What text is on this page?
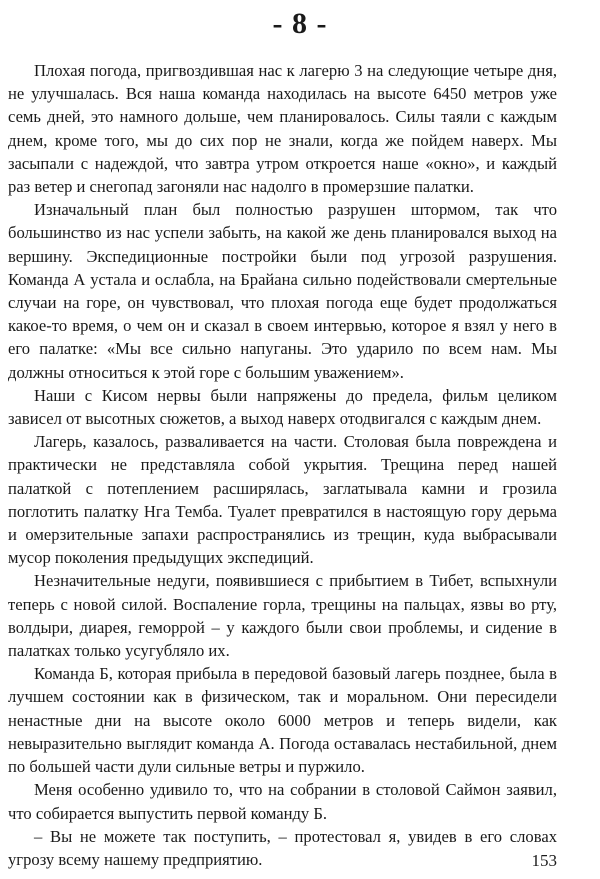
- 8 -

Плохая погода, пригвоздившая нас к лагерю 3 на следующие четыре дня, не улучшалась. Вся наша команда находилась на высоте 6450 метров уже семь дней, это намного дольше, чем планировалось. Силы таяли с каждым днем, кроме того, мы до сих пор не знали, когда же пойдем наверх. Мы засыпали с надеждой, что завтра утром откроется наше «окно», и каждый раз ветер и снегопад загоняли нас надолго в промерзшие палатки.

Изначальный план был полностью разрушен штормом, так что большинство из нас успели забыть, на какой же день планировался выход на вершину. Экспедиционные постройки были под угрозой разрушения. Команда А устала и ослабла, на Брайана сильно подействовали смертельные случаи на горе, он чувствовал, что плохая погода еще будет продолжаться какое-то время, о чем он и сказал в своем интервью, которое я взял у него в его палатке: «Мы все сильно напуганы. Это ударило по всем нам. Мы должны относиться к этой горе с большим уважением».

Наши с Кисом нервы были напряжены до предела, фильм целиком зависел от высотных сюжетов, а выход наверх отодвигался с каждым днем.

Лагерь, казалось, разваливается на части. Столовая была повреждена и практически не представляла собой укрытия. Трещина перед нашей палаткой с потеплением расширялась, заглатывала камни и грозила поглотить палатку Нга Темба. Туалет превратился в настоящую гору дерьма и омерзительные запахи распространялись из трещин, куда выбрасывали мусор поколения предыдущих экспедиций.

Незначительные недуги, появившиеся с прибытием в Тибет, вспыхнули теперь с новой силой. Воспаление горла, трещины на пальцах, язвы во рту, волдыри, диарея, геморрой – у каждого были свои проблемы, и сидение в палатках только усугубляло их.

Команда Б, которая прибыла в передовой базовый лагерь позднее, была в лучшем состоянии как в физическом, так и моральном. Они пересидели ненастные дни на высоте около 6000 метров и теперь видели, как невыразительно выглядит команда А. Погода оставалась нестабильной, днем по большей части дули сильные ветры и пуржило.

Меня особенно удивило то, что на собрании в столовой Саймон заявил, что собирается выпустить первой команду Б.

– Вы не можете так поступить, – протестовал я, увидев в его словах угрозу всему нашему предприятию.	153
